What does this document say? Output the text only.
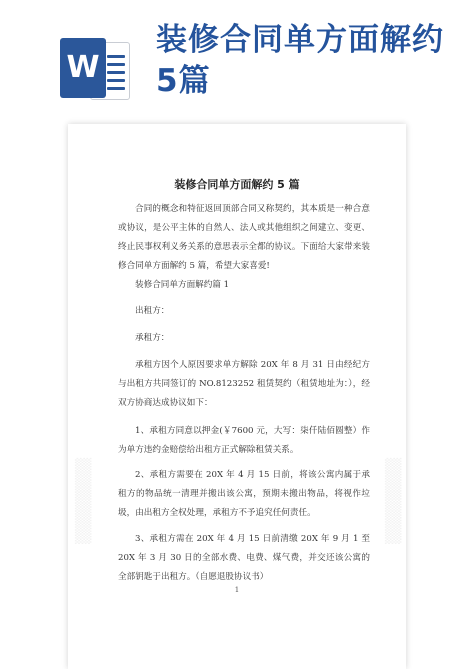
W
装修合同单方面解约5篇
装修合同单方面解约 5 篇
合同的概念和特征返回顶部合同又称契约，其本质是一种合意或协议，是公平主体的自然人、法人或其他组织之间建立、变更、终止民事权利义务关系的意思表示全都的协议。下面给大家带来装修合同单方面解约 5 篇，希望大家喜爱!
装修合同单方面解约篇 1
出租方：
承租方：
承租方因个人原因要求单方解除 20X 年 8 月 31 日由经纪方与出租方共同签订的 NO.8123252 租赁契约（租赁地址为：），经双方协商达成协议如下：
1、承租方同意以押金(￥7600 元，大写：柒仟陆佰圆整）作为单方违约金赔偿给出租方正式解除租赁关系。
2、承租方需要在 20X 年 4 月 15 日前，将该公寓内属于承租方的物品统一清理并搬出该公寓，预期未搬出物品，将视作垃圾，由出租方全权处理，承租方不予追究任何责任。
3、承租方需在 20X 年 4 月 15 日前清缴 20X 年 9 月 1 至 20X 年 3 月 30 日的全部水费、电费、煤气费，并交还该公寓的全部钥匙于出租方。（自愿退股协议书）
1
▒▒▒▒▒▒▒▒	▒▒▒▒▒▒▒▒
